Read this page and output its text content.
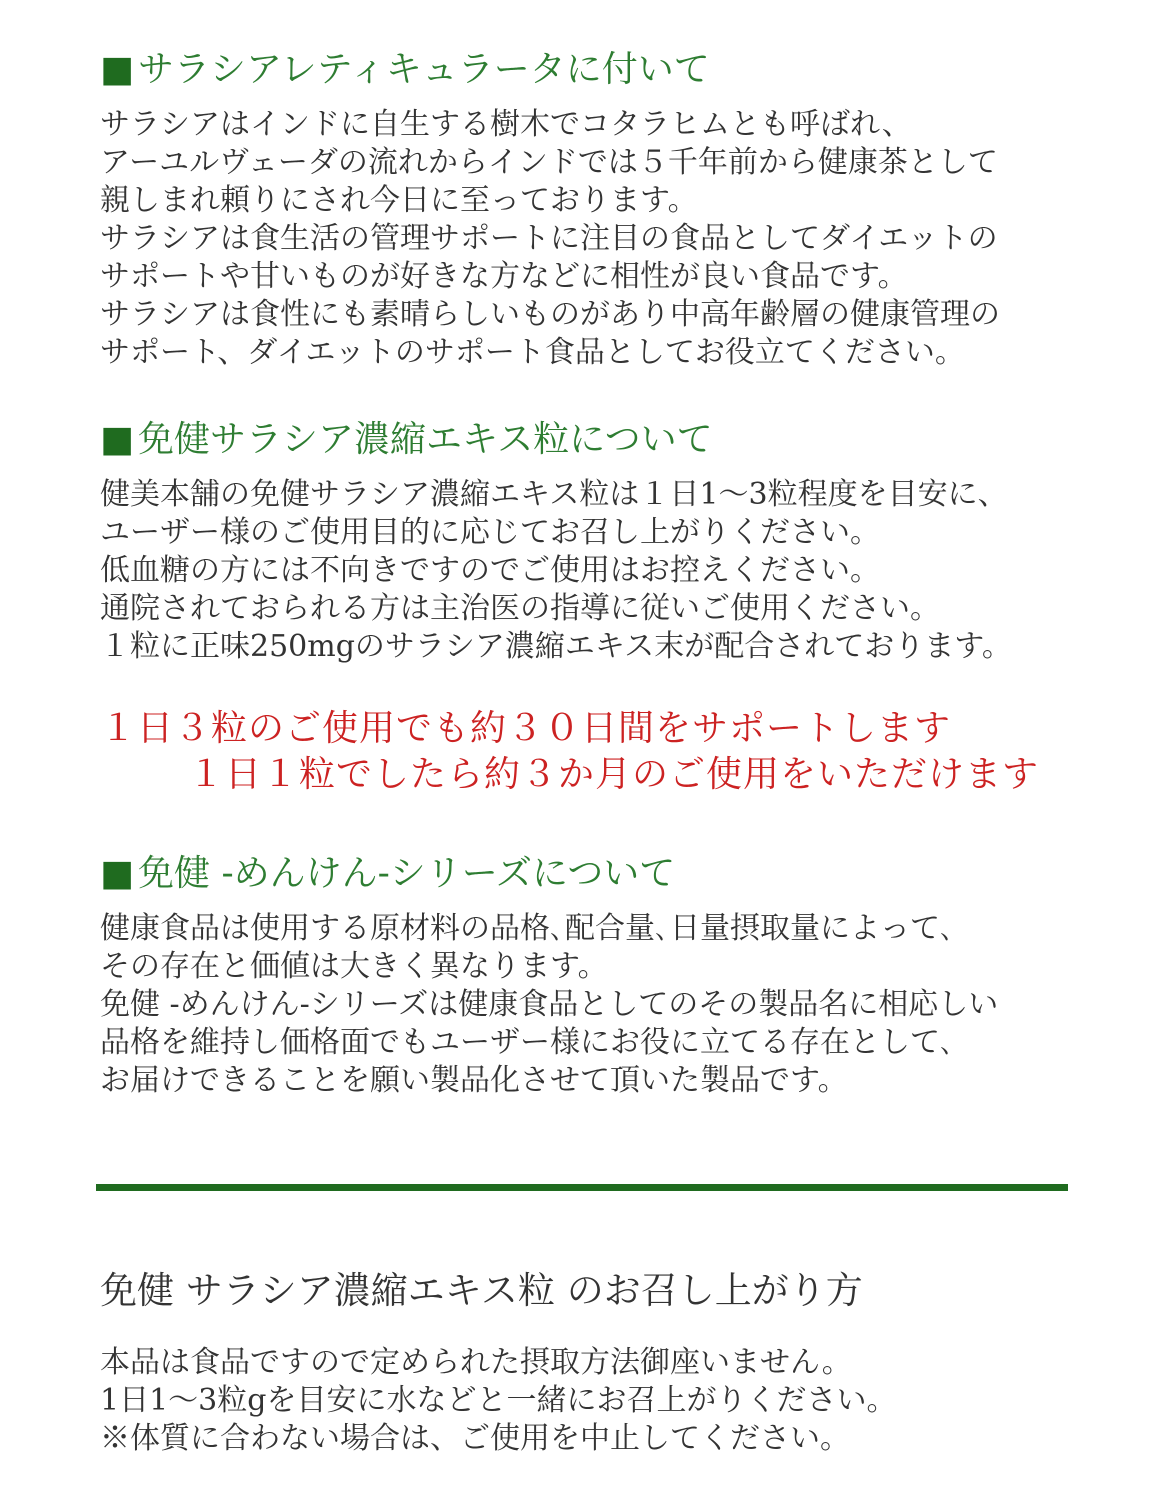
■ サラシアレティキュラータに付いて
サラシアはインドに自生する樹木でコタラヒムとも呼ばれ、
アーユルヴェーダの流れからインドでは５千年前から健康茶として
親しまれ頼りにされ今日に至っております。
サラシアは食生活の管理サポートに注目の食品としてダイエットの
サポートや甘いものが好きな方などに相性が良い食品です。
サラシアは食性にも素晴らしいものがあり中高年齢層の健康管理の
サポート、ダイエットのサポート食品としてお役立てください。
■ 免健サラシア濃縮エキス粒について
健美本舗の免健サラシア濃縮エキス粒は１日1～3粒程度を目安に、
ユーザー様のご使用目的に応じてお召し上がりください。
低血糖の方には不向きですのでご使用はお控えください。
通院されておられる方は主治医の指導に従いご使用ください。
１粒に正味250mgのサラシア濃縮エキス末が配合されております。
１日３粒のご使用でも約３０日間をサポートします
１日１粒でしたら約３か月のご使用をいただけます
■ 免健 -めんけん-シリーズについて
健康食品は使用する原材料の品格､配合量､日量摂取量によって､
その存在と価値は大きく異なります。
免健 -めんけん-シリーズは健康食品としてのその製品名に相応しい
品格を維持し価格面でもユーザー様にお役に立てる存在として､
お届けできることを願い製品化させて頂いた製品です。
免健 サラシア濃縮エキス粒 のお召し上がり方
本品は食品ですので定められた摂取方法御座いません。
1日1～3粒gを目安に水などと一緒にお召上がりください。
※体質に合わない場合は、ご使用を中止してください。
